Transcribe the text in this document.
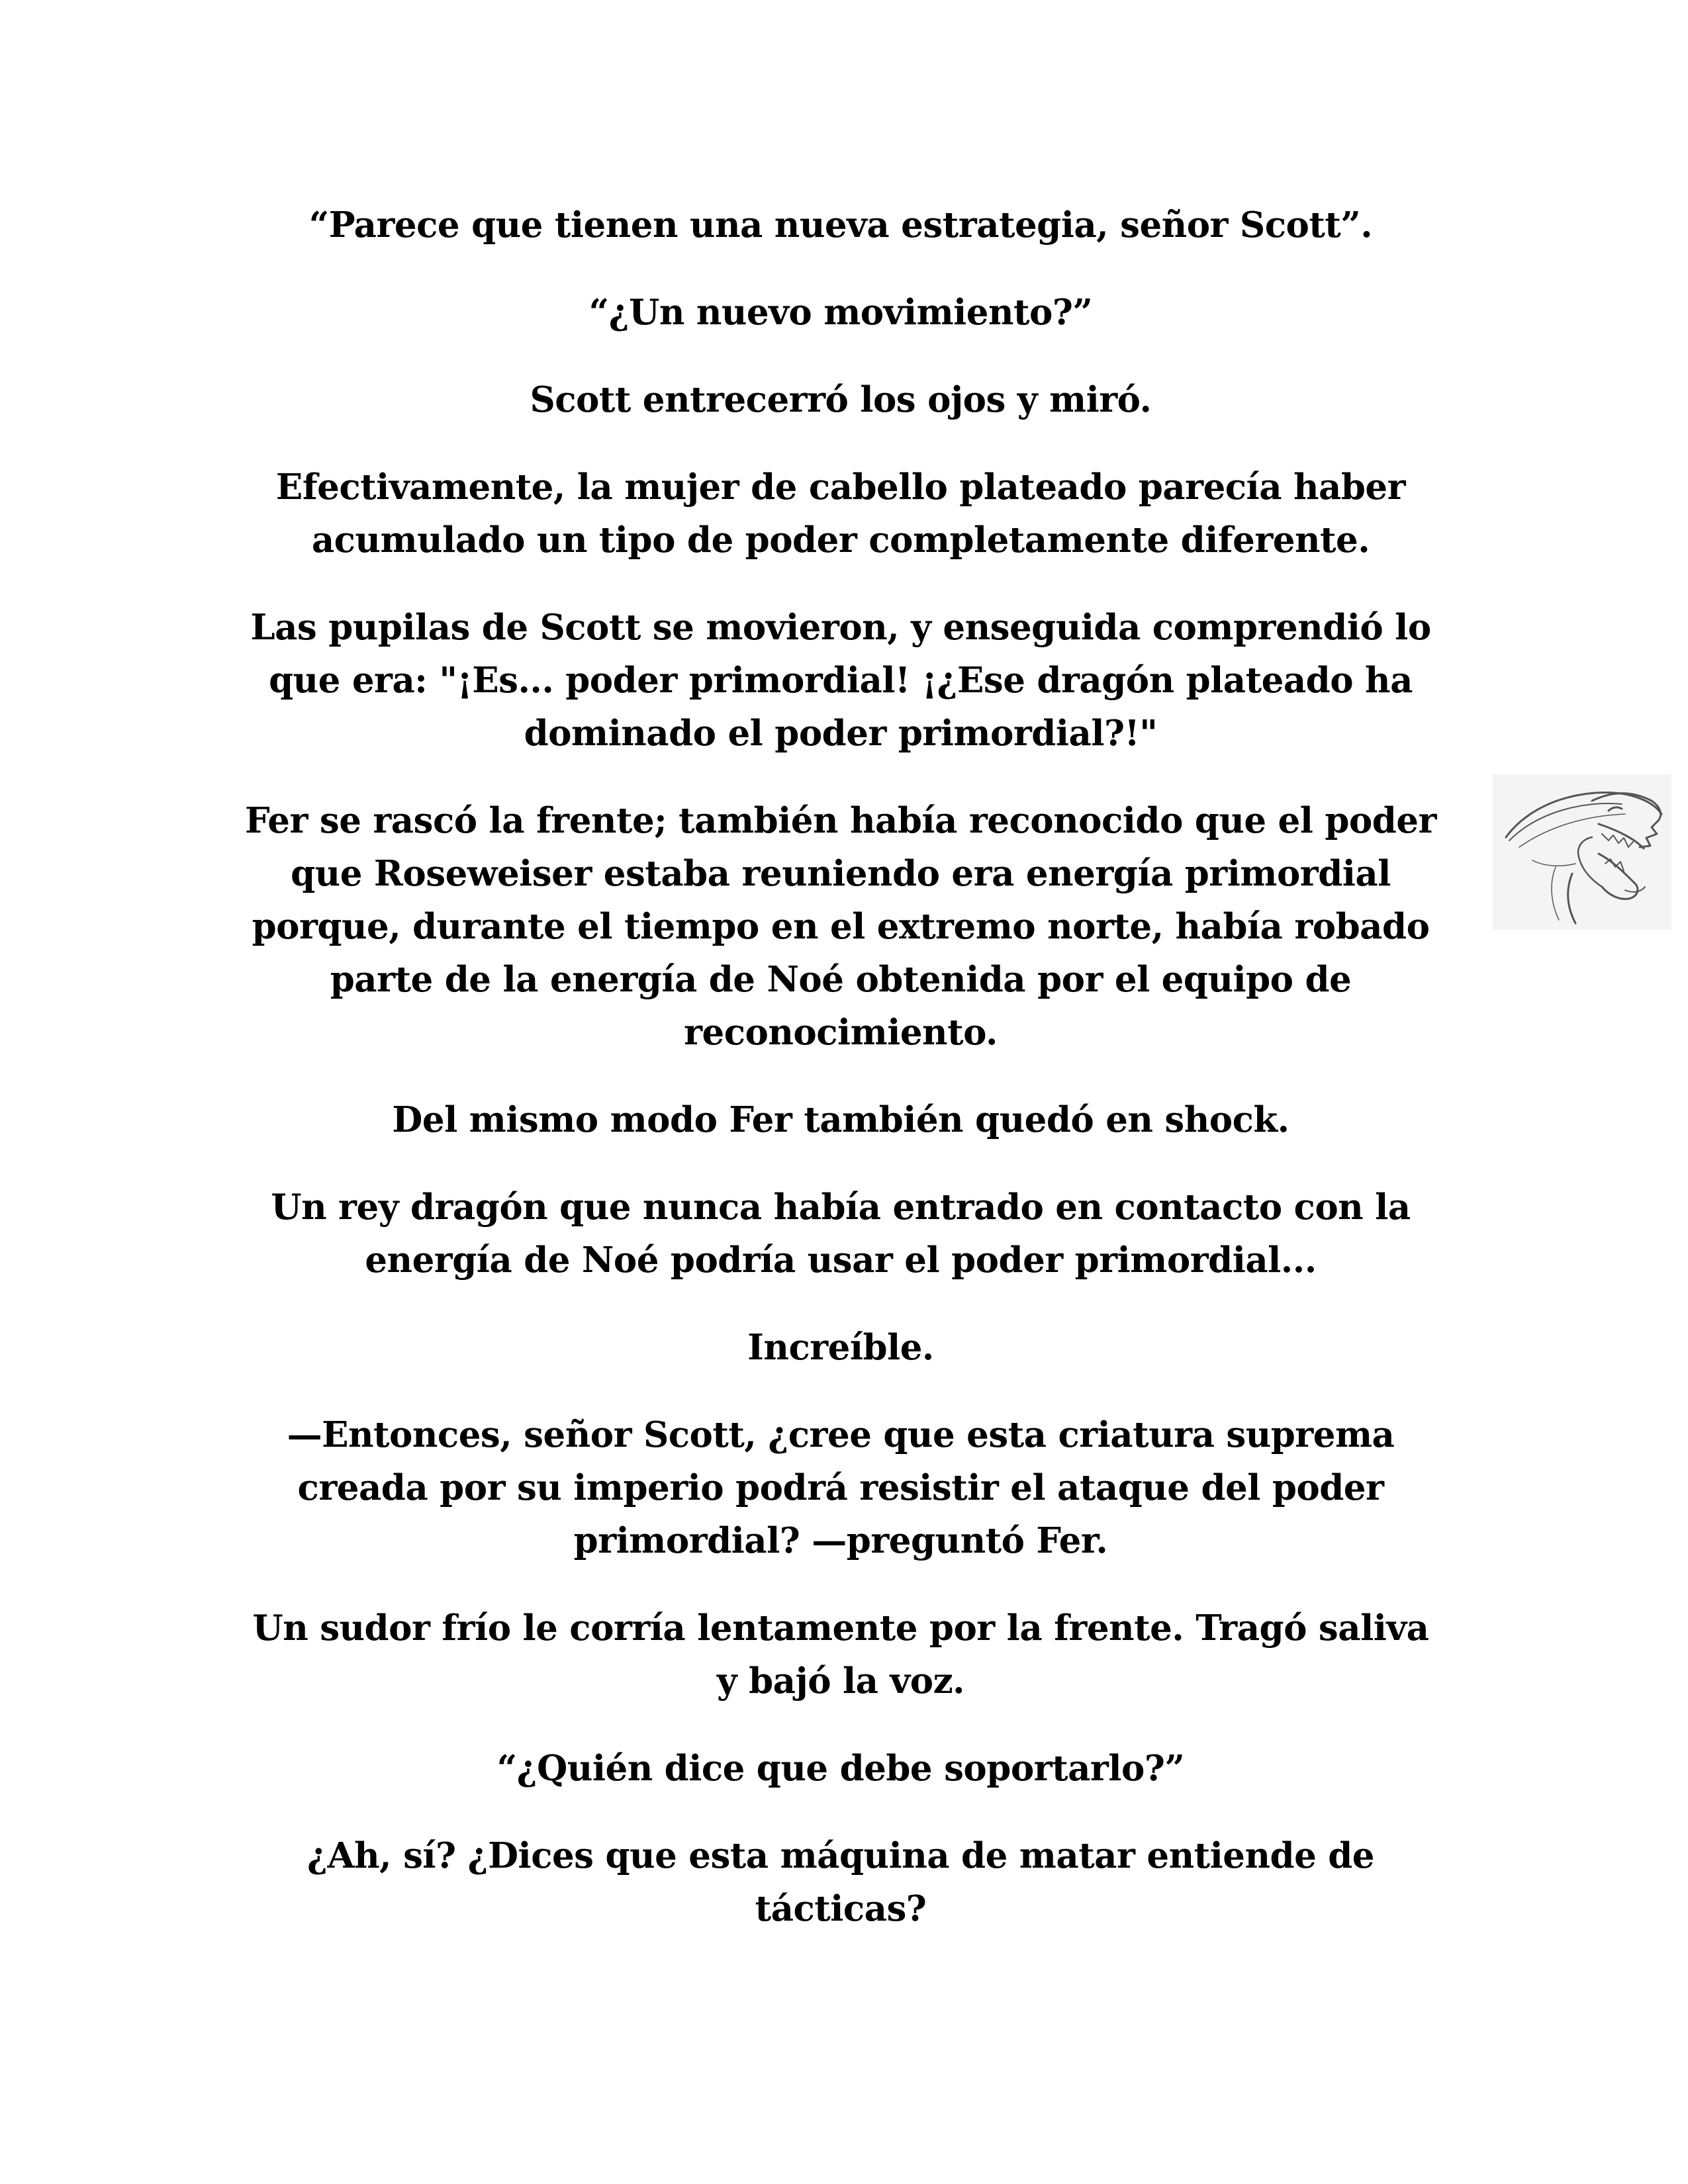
“Parece que tienen una nueva estrategia, señor Scott”.

“¿Un nuevo movimiento?”

Scott entrecerró los ojos y miró.

Efectivamente, la mujer de cabello plateado parecía haber acumulado un tipo de poder completamente diferente.

Las pupilas de Scott se movieron, y enseguida comprendió lo que era: "¡Es... poder primordial! ¡¿Ese dragón plateado ha dominado el poder primordial?!"

Fer se rascó la frente; también había reconocido que el poder que Roseweiser estaba reuniendo era energía primordial porque, durante el tiempo en el extremo norte, había robado parte de la energía de Noé obtenida por el equipo de reconocimiento.

Del mismo modo Fer también quedó en shock.

Un rey dragón que nunca había entrado en contacto con la energía de Noé podría usar el poder primordial...

Increíble.

—Entonces, señor Scott, ¿cree que esta criatura suprema creada por su imperio podrá resistir el ataque del poder primordial? —preguntó Fer.

Un sudor frío le corría lentamente por la frente. Tragó saliva y bajó la voz.

“¿Quién dice que debe soportarlo?”

¿Ah, sí? ¿Dices que esta máquina de matar entiende de tácticas?
